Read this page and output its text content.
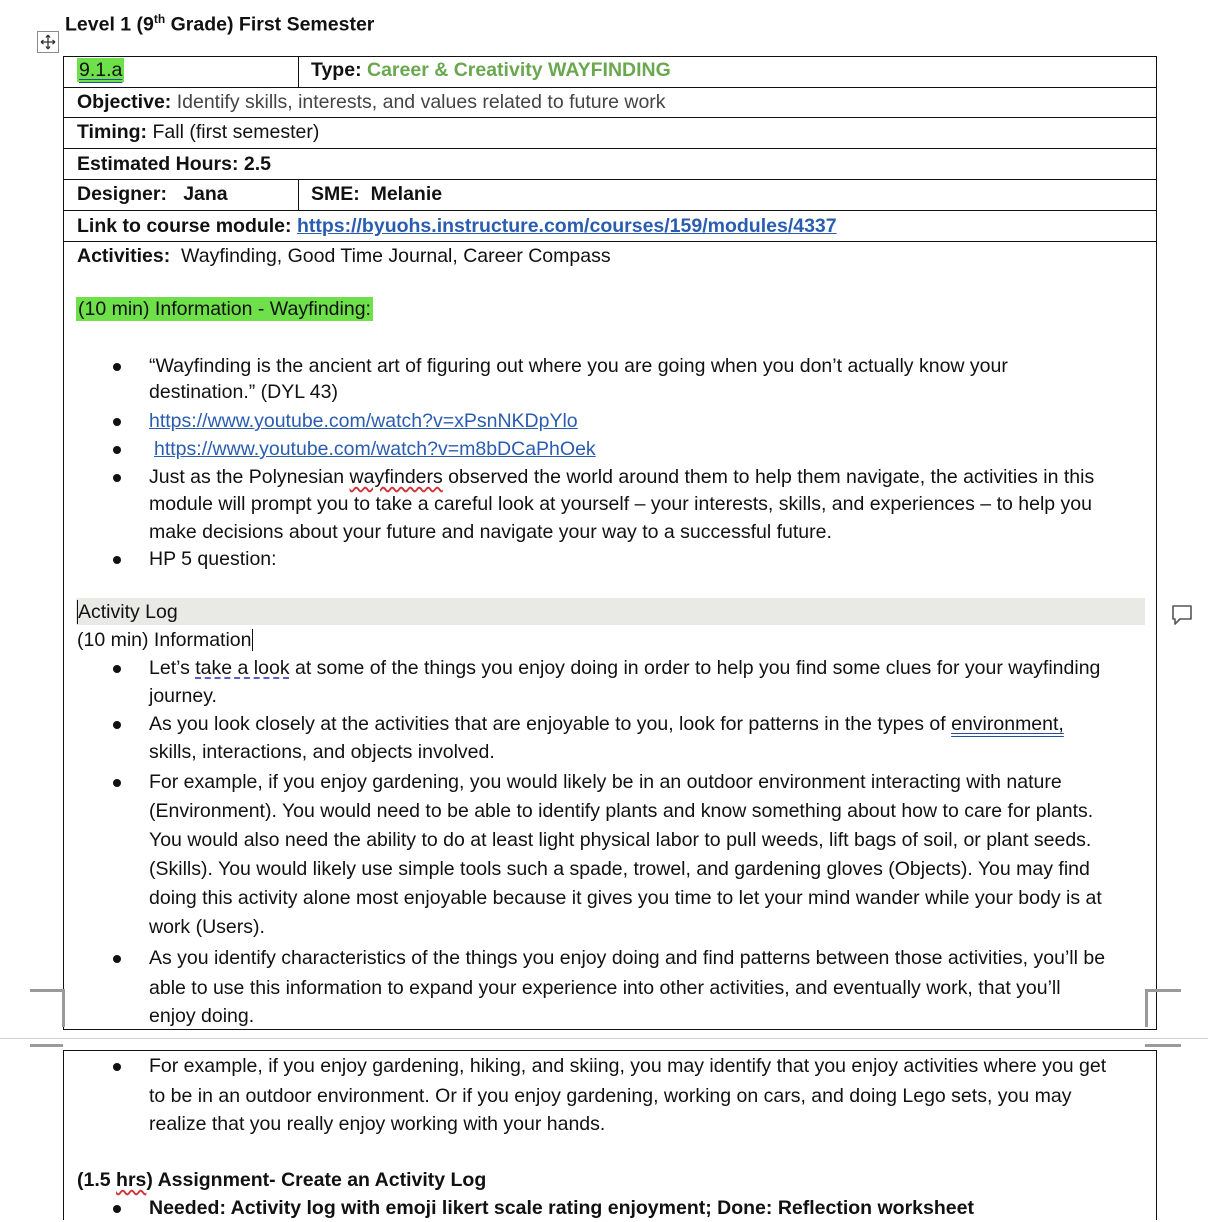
Level 1 (9th Grade) First Semester
9.1.a	Type: Career & Creativity WAYFINDING
Objective: Identify skills, interests, and values related to future work
Timing: Fall (first semester)
Estimated Hours: 2.5
Designer:   Jana	SME:  Melanie
Link to course module: https://byuohs.instructure.com/courses/159/modules/4337
Activities: Wayfinding, Good Time Journal, Career Compass
(10 min) Information - Wayfinding:
“Wayfinding is the ancient art of figuring out where you are going when you don’t actually know your
destination.” (DYL 43)
https://www.youtube.com/watch?v=xPsnNKDpYlo
https://www.youtube.com/watch?v=m8bDCaPhOek
Just as the Polynesian wayfinders observed the world around them to help them navigate, the activities in this
module will prompt you to take a careful look at yourself – your interests, skills, and experiences – to help you
make decisions about your future and navigate your way to a successful future.
HP 5 question:
Activity Log
(10 min) Information
Let’s take a look at some of the things you enjoy doing in order to help you find some clues for your wayfinding
journey.
As you look closely at the activities that are enjoyable to you, look for patterns in the types of environment,
skills, interactions, and objects involved.
For example, if you enjoy gardening, you would likely be in an outdoor environment interacting with nature
(Environment). You would need to be able to identify plants and know something about how to care for plants.
You would also need the ability to do at least light physical labor to pull weeds, lift bags of soil, or plant seeds.
(Skills). You would likely use simple tools such a spade, trowel, and gardening gloves (Objects). You may find
doing this activity alone most enjoyable because it gives you time to let your mind wander while your body is at
work (Users).
As you identify characteristics of the things you enjoy doing and find patterns between those activities, you’ll be
able to use this information to expand your experience into other activities, and eventually work, that you’ll
enjoy doing.
For example, if you enjoy gardening, hiking, and skiing, you may identify that you enjoy activities where you get
to be in an outdoor environment. Or if you enjoy gardening, working on cars, and doing Lego sets, you may
realize that you really enjoy working with your hands.
(1.5 hrs) Assignment- Create an Activity Log
Needed: Activity log with emoji likert scale rating enjoyment; Done: Reflection worksheet
